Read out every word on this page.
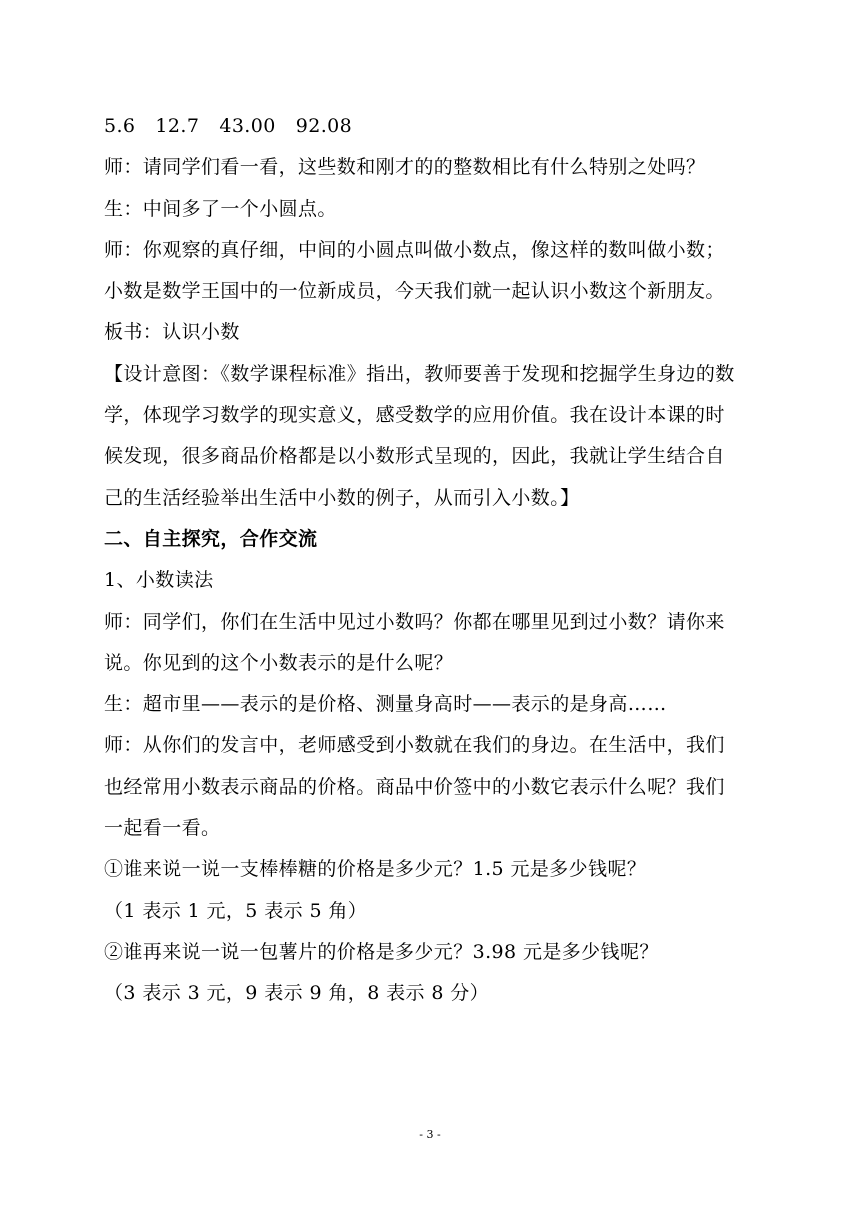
5.6 12.7 43.00 92.08
师：请同学们看一看，这些数和刚才的的整数相比有什么特别之处吗？
生：中间多了一个小圆点。
师：你观察的真仔细，中间的小圆点叫做小数点，像这样的数叫做小数；
小数是数学王国中的一位新成员，今天我们就一起认识小数这个新朋友。
板书：认识小数
【设计意图：《数学课程标准》指出，教师要善于发现和挖掘学生身边的数
学，体现学习数学的现实意义，感受数学的应用价值。我在设计本课的时
候发现，很多商品价格都是以小数形式呈现的，因此，我就让学生结合自
己的生活经验举出生活中小数的例子，从而引入小数。】
二、自主探究，合作交流
1、小数读法
师：同学们，你们在生活中见过小数吗？你都在哪里见到过小数？请你来
说。你见到的这个小数表示的是什么呢？
生：超市里——表示的是价格、测量身高时——表示的是身高……
师：从你们的发言中，老师感受到小数就在我们的身边。在生活中，我们
也经常用小数表示商品的价格。商品中价签中的小数它表示什么呢？我们
一起看一看。
①谁来说一说一支棒棒糖的价格是多少元？1.5 元是多少钱呢？
（1 表示 1 元，5 表示 5 角）
②谁再来说一说一包薯片的价格是多少元？3.98 元是多少钱呢？
（3 表示 3 元，9 表示 9 角，8 表示 8 分）
- 3 -
